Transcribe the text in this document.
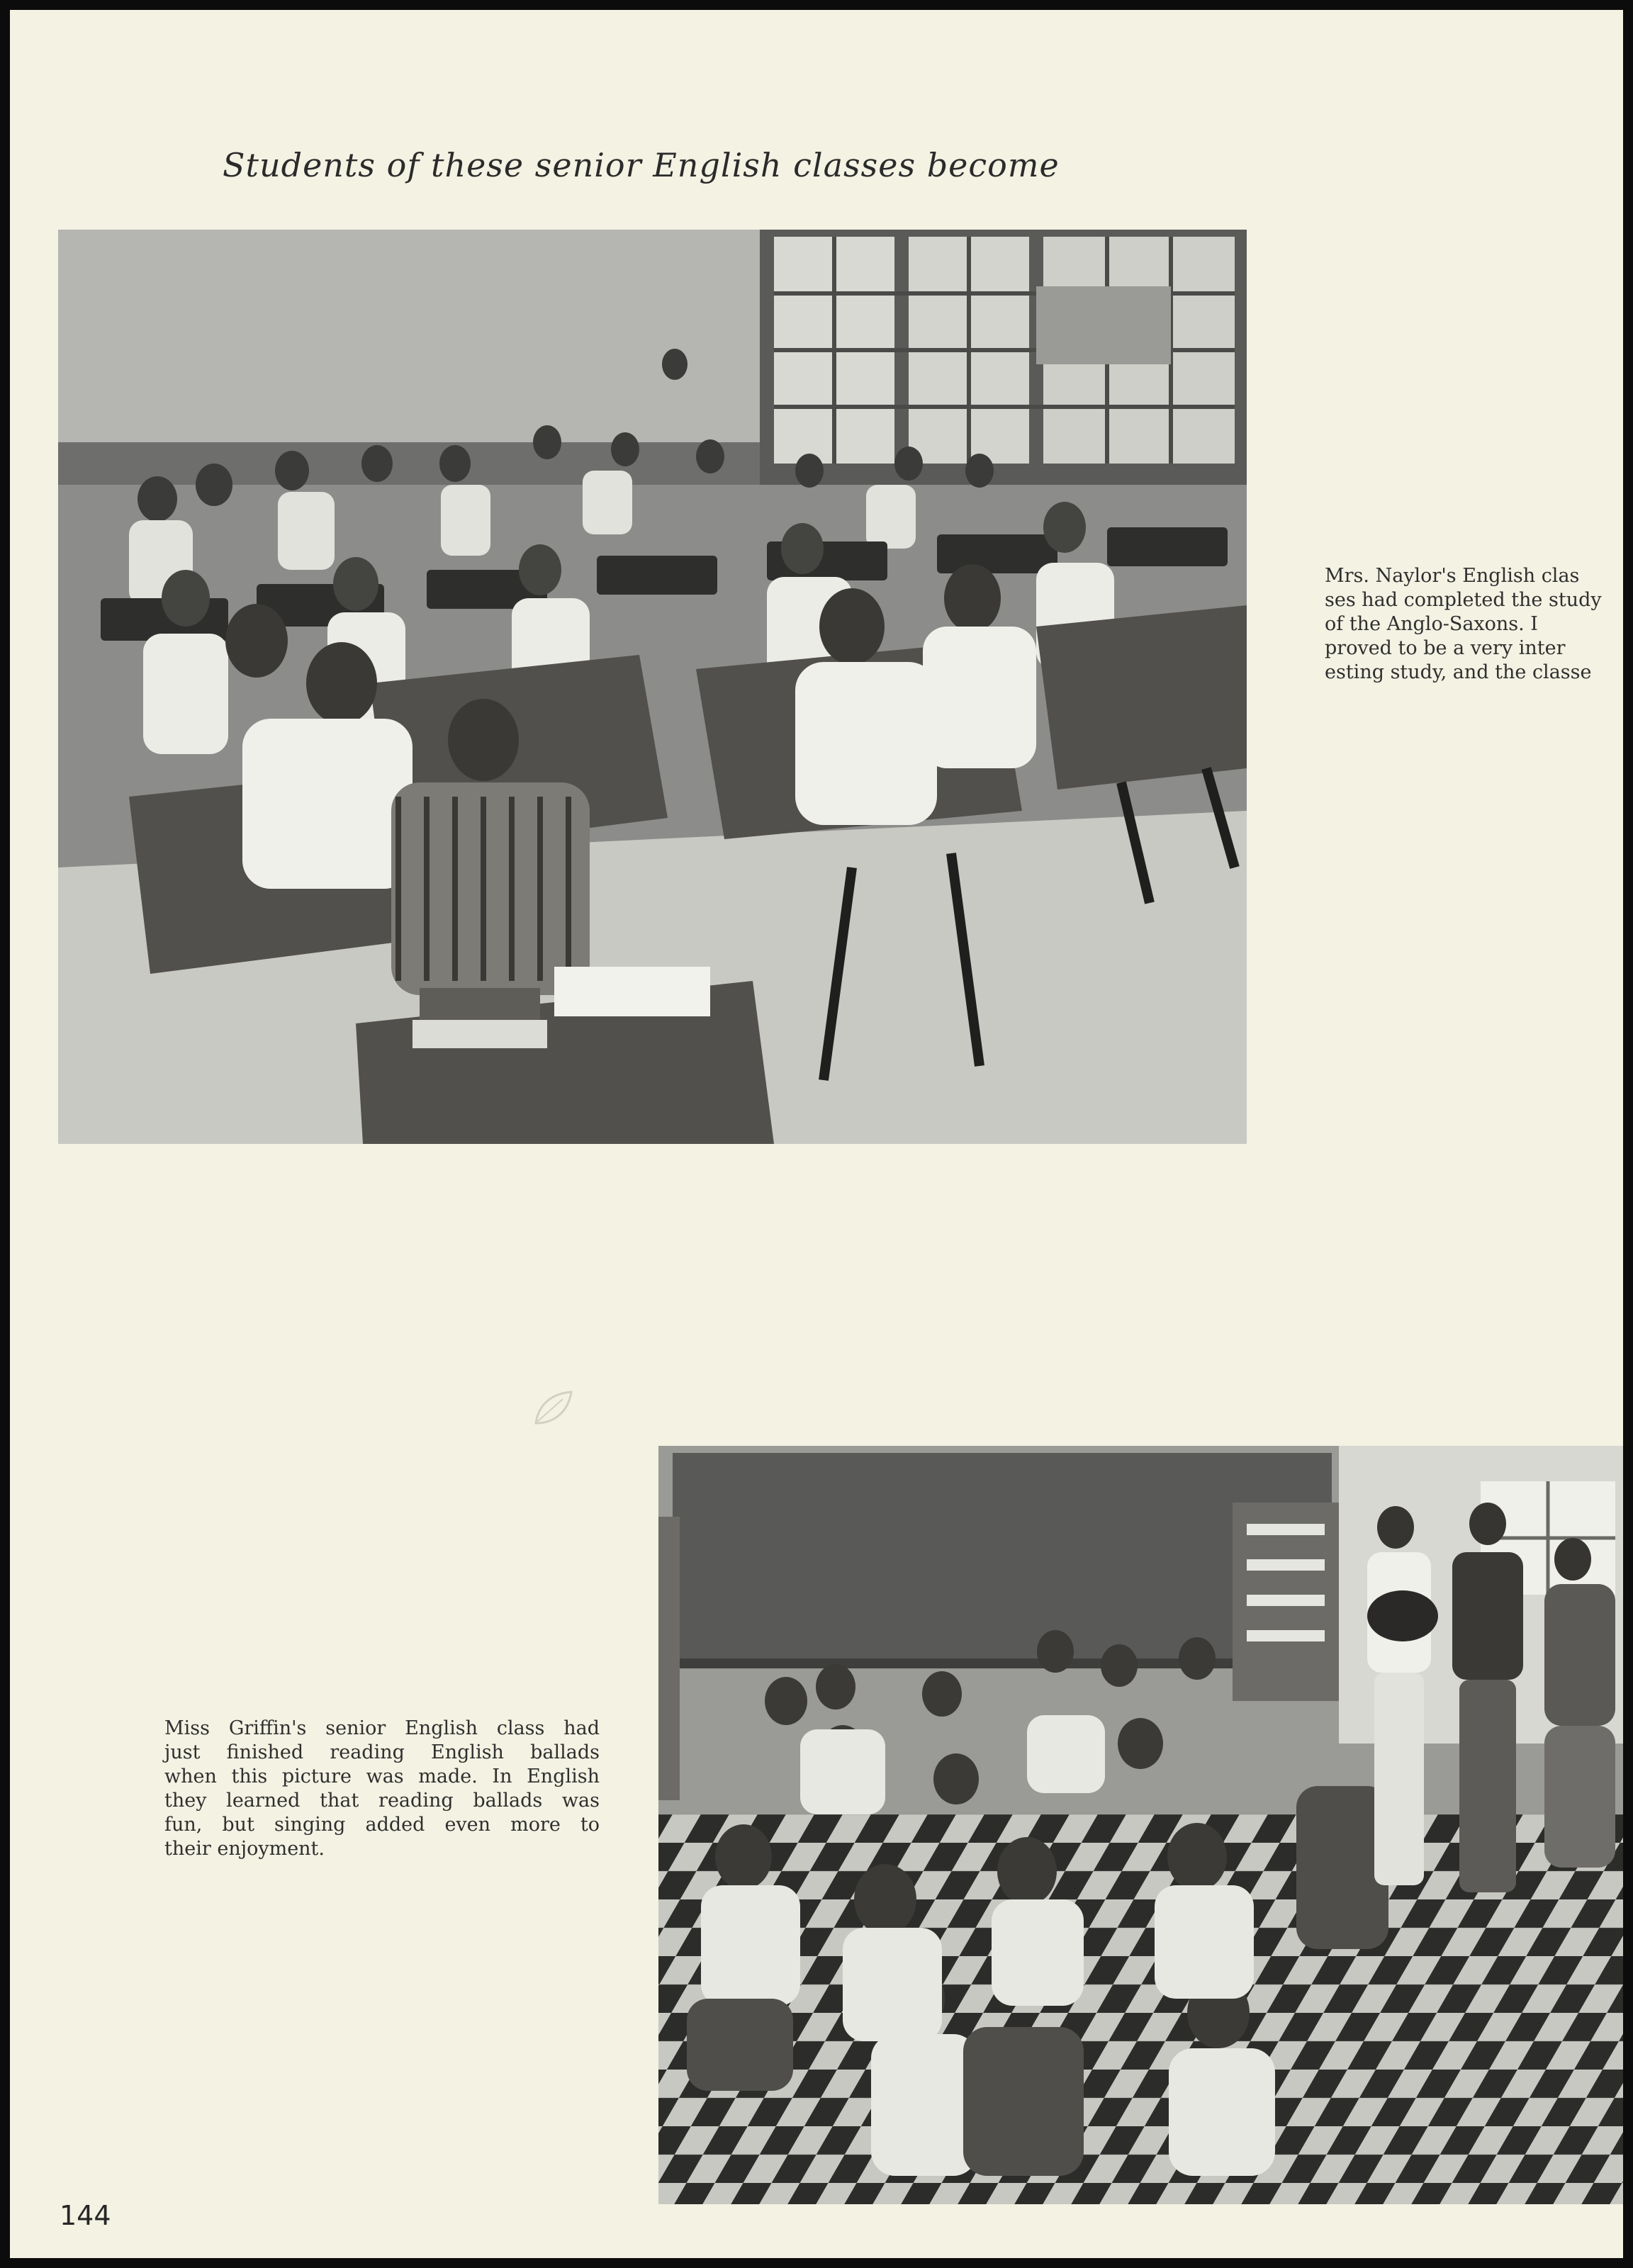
Students of these senior English classes become

Mrs. Naylor's English clas
ses had completed the study
of the Anglo-Saxons. I
proved to be a very inter
esting study, and the classe

Miss Griffin's senior English class had
just finished reading English ballads
when this picture was made. In English
they learned that reading ballads was
fun, but singing added even more to
their enjoyment.

144
